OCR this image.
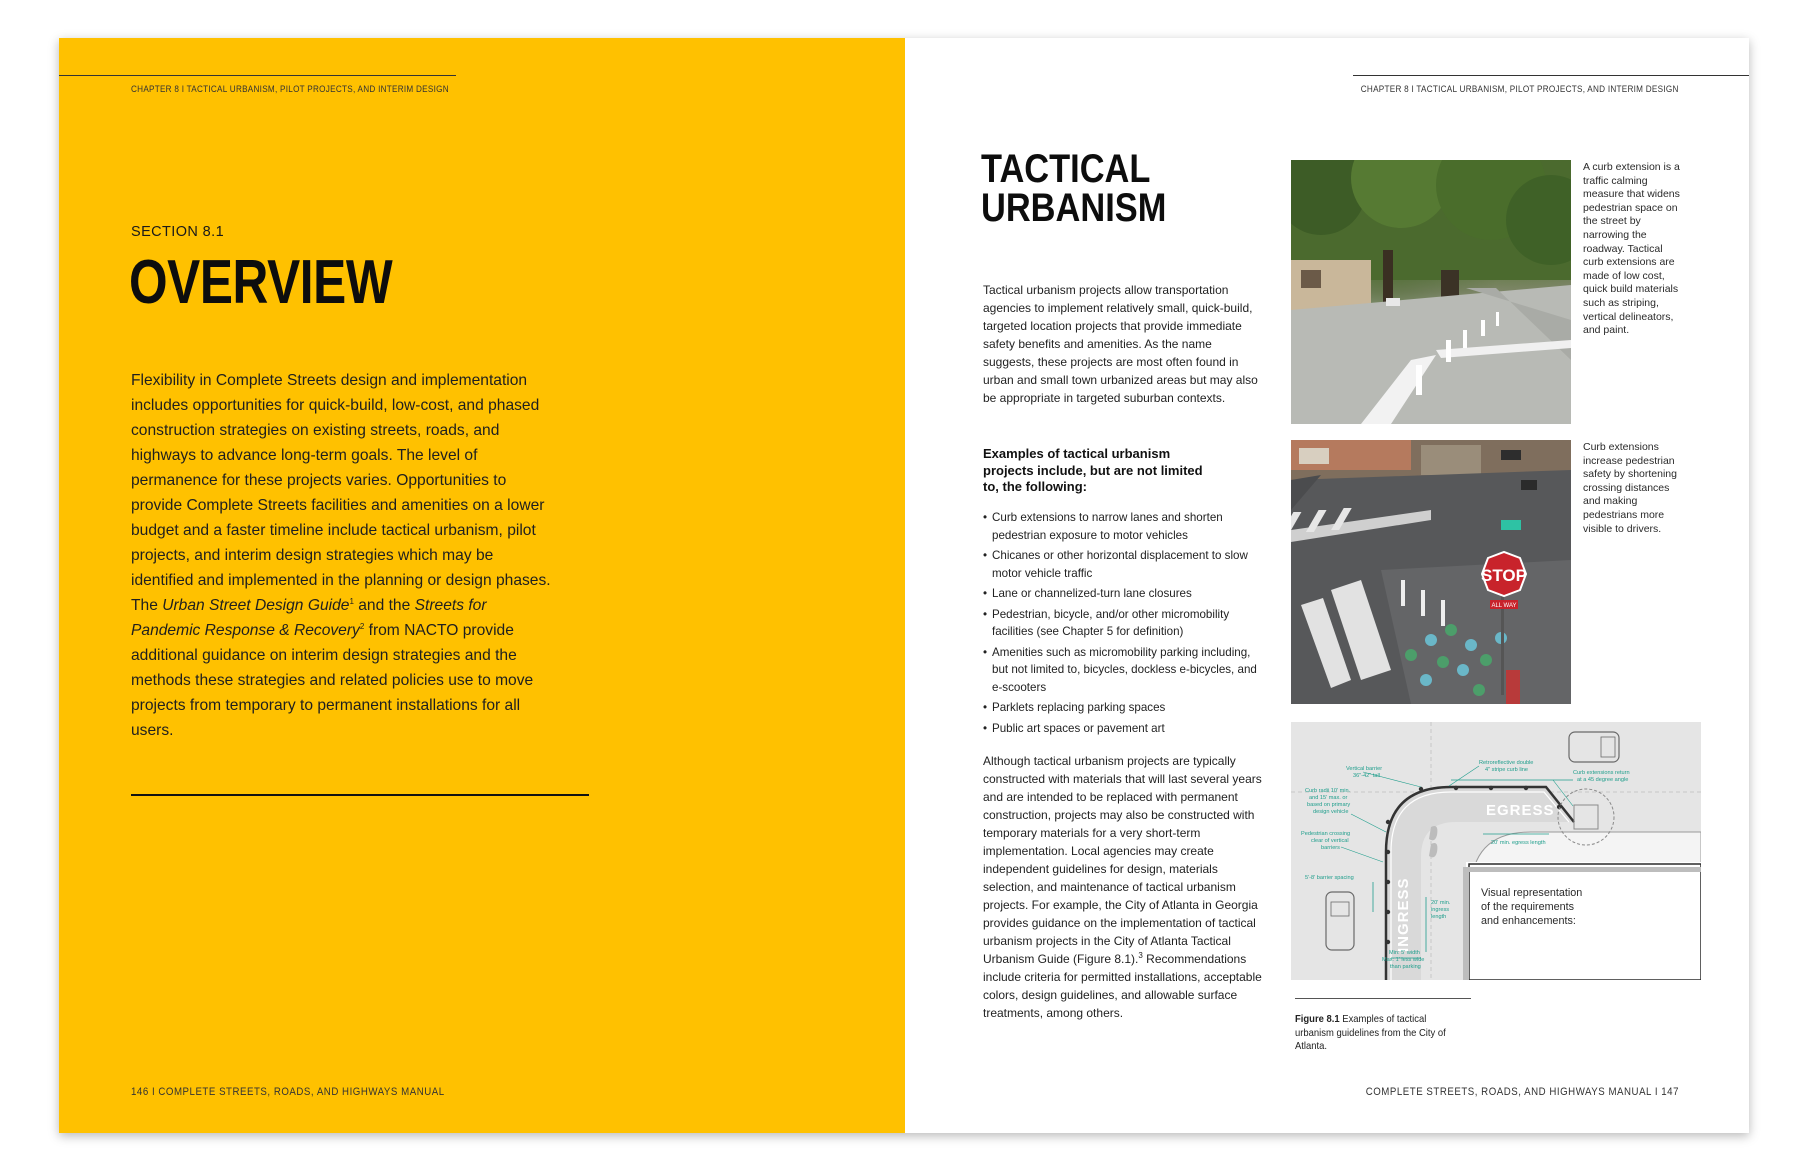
CHAPTER 8 I TACTICAL URBANISM, PILOT PROJECTS, AND INTERIM DESIGN
SECTION 8.1
OVERVIEW
Flexibility in Complete Streets design and implementation includes opportunities for quick-build, low-cost, and phased construction strategies on existing streets, roads, and highways to advance long-term goals. The level of permanence for these projects varies. Opportunities to provide Complete Streets facilities and amenities on a lower budget and a faster timeline include tactical urbanism, pilot projects, and interim design strategies which may be identified and implemented in the planning or design phases. The Urban Street Design Guide$^1$ and the Streets for Pandemic Response & Recovery$^2$ from NACTO provide additional guidance on interim design strategies and the methods these strategies and related policies use to move projects from temporary to permanent installations for all users.
146 I COMPLETE STREETS, ROADS, AND HIGHWAYS MANUAL
CHAPTER 8 I TACTICAL URBANISM, PILOT PROJECTS, AND INTERIM DESIGN
TACTICAL
URBANISM
Tactical urbanism projects allow transportation agencies to implement relatively small, quick-build, targeted location projects that provide immediate safety benefits and amenities. As the name suggests, these projects are most often found in urban and small town urbanized areas but may also be appropriate in targeted suburban contexts.
Examples of tactical urbanism projects include, but are not limited to, the following:
• Curb extensions to narrow lanes and shorten pedestrian exposure to motor vehicles
• Chicanes or other horizontal displacement to slow motor vehicle traffic
• Lane or channelized-turn lane closures
• Pedestrian, bicycle, and/or other micromobility facilities (see Chapter 5 for definition)
• Amenities such as micromobility parking including, but not limited to, bicycles, dockless e-bicycles, and e-scooters
• Parklets replacing parking spaces
• Public art spaces or pavement art
Although tactical urbanism projects are typically constructed with materials that will last several years and are intended to be replaced with permanent construction, projects may also be constructed with temporary materials for a very short-term implementation. Local agencies may create independent guidelines for design, materials selection, and maintenance of tactical urbanism projects. For example, the City of Atlanta in Georgia provides guidance on the implementation of tactical urbanism projects in the City of Atlanta Tactical Urbanism Guide (Figure 8.1).$^3$ Recommendations include criteria for permitted installations, acceptable colors, design guidelines, and allowable surface treatments, among others.
A curb extension is a traffic calming measure that widens pedestrian space on the street by narrowing the roadway. Tactical curb extensions are made of low cost, quick build materials such as striping, vertical delineators, and paint.
STOP
ALL WAY
Curb extensions increase pedestrian safety by shortening crossing distances and making pedestrians more visible to drivers.
EGRESS
INGRESS
Vertical barrier 36"-42" tall
Retroreflective double 4" stripe curb line	Curb extensions return at a 45 degree angle
Curb radii 10' min. and 15' max. or based on primary design vehicle
Pedestrian crossing clear of vertical barriers
5'-8' barrier spacing
20' min. egress length
20' min. ingress length
Min: 5' width Max: 1' less wide than parking
Visual representation of the requirements and enhancements:
Figure 8.1 Examples of tactical urbanism guidelines from the City of Atlanta.
COMPLETE STREETS, ROADS, AND HIGHWAYS MANUAL I 147
